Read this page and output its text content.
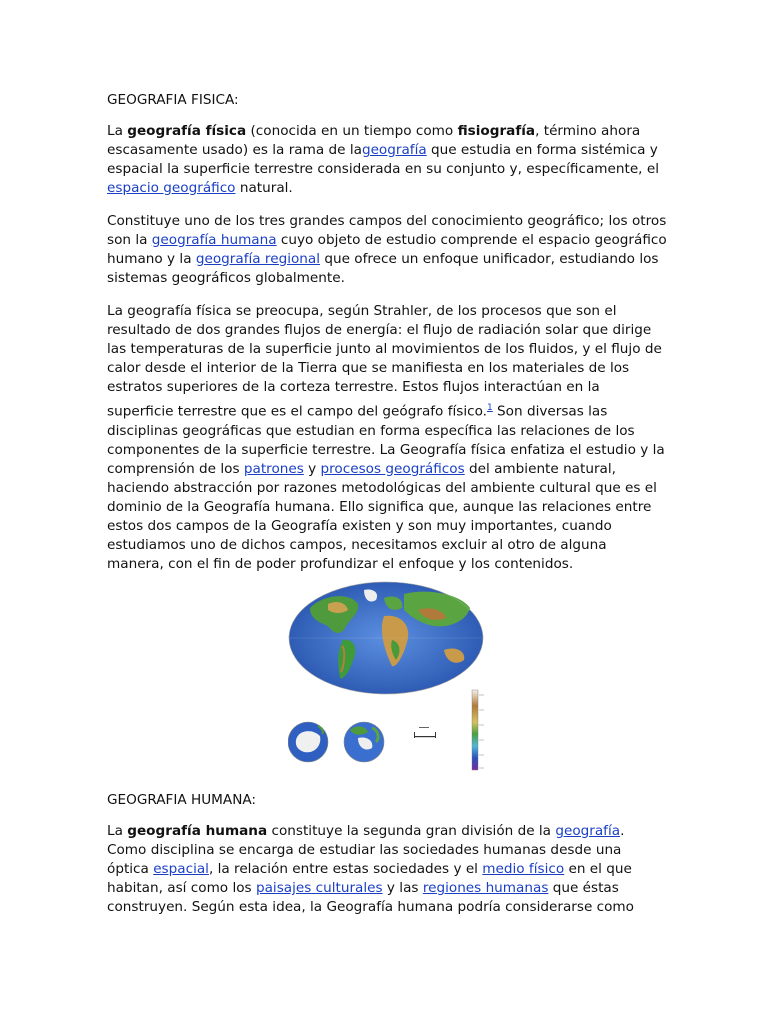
GEOGRAFIA FISICA:

La geografía física (conocida en un tiempo como fisiografía, término ahora escasamente usado) es la rama de lageografía que estudia en forma sistémica y espacial la superficie terrestre considerada en su conjunto y, específicamente, el espacio geográfico natural.

Constituye uno de los tres grandes campos del conocimiento geográfico; los otros son la geografía humana cuyo objeto de estudio comprende el espacio geográfico humano y la geografía regional que ofrece un enfoque unificador, estudiando los sistemas geográficos globalmente.

La geografía física se preocupa, según Strahler, de los procesos que son el resultado de dos grandes flujos de energía: el flujo de radiación solar que dirige las temperaturas de la superficie junto al movimientos de los fluidos, y el flujo de calor desde el interior de la Tierra que se manifiesta en los materiales de los estratos superiores de la corteza terrestre. Estos flujos interactúan en la superficie terrestre que es el campo del geógrafo físico.$^1$ Son diversas las disciplinas geográficas que estudian en forma específica las relaciones de los componentes de la superficie terrestre. La Geografía física enfatiza el estudio y la comprensión de los patrones y procesos geográficos del ambiente natural, haciendo abstracción por razones metodológicas del ambiente cultural que es el dominio de la Geografía humana. Ello significa que, aunque las relaciones entre estos dos campos de la Geografía existen y son muy importantes, cuando estudiamos uno de dichos campos, necesitamos excluir al otro de alguna manera, con el fin de poder profundizar el enfoque y los contenidos.

GEOGRAFIA HUMANA:

La geografía humana constituye la segunda gran división de la geografía. Como disciplina se encarga de estudiar las sociedades humanas desde una óptica espacial, la relación entre estas sociedades y el medio físico en el que habitan, así como los paisajes culturales y las regiones humanas que éstas construyen. Según esta idea, la Geografía humana podría considerarse como
